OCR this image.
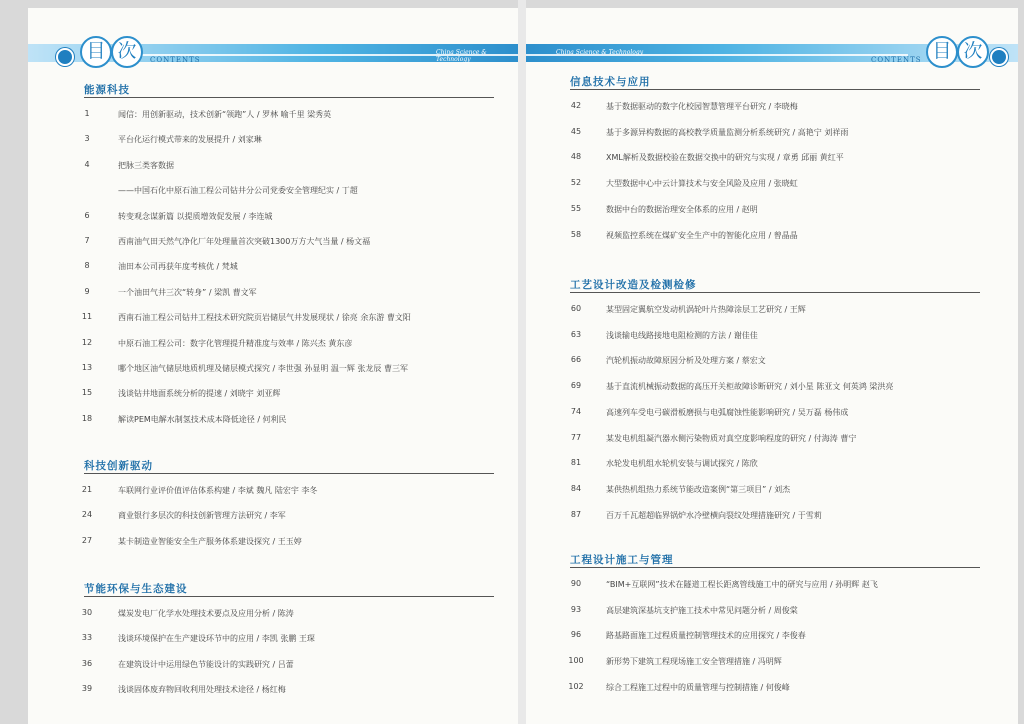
目 次	CONTENTS
China Science & Technology
能源科技
1	闻信：用创新驱动，技术创新“领跑”人 / 罗林 喻千里 梁秀英
3	平台化运行模式带来的发展提升 / 刘家琳
4	把脉三类客数据
——中国石化中原石油工程公司钻井分公司党委安全管理纪实 / 丁超
6	转变观念谋新篇 以提质增效促发展 / 李连城
7	西南油气田天然气净化厂年处理量首次突破1300万方大气当量 / 杨文福
8	油田本公司再获年度考核优 / 梵城
9	一个油田气井三次“转身” / 梁凯 曹文军
11	西南石油工程公司钻井工程技术研究院页岩储层气井发展现状 / 徐亮 余东游 曹文阳
12	中原石油工程公司：数字化管理提升精准度与效率 / 陈兴杰 黄东彦
13	哪个地区油气储层地质机理及储层模式探究 / 李世强 孙显明 温一辉 张龙辰 曹三军
15	浅谈钻井地面系统分析的提速 / 刘晓宇 刘亚辉
18	解读PEM电解水制氢技术成本降低途径 / 何利民
科技创新驱动
21	车联网行业评价值评估体系构建 / 李斌 魏凡 陆宏宇 李冬
24	商业银行多层次的科技创新管理方法研究 / 李军
27	某卡制造业智能安全生产服务体系建设探究 / 王玉婷
节能环保与生态建设
30	煤炭发电厂化学水处理技术要点及应用分析 / 陈涛
33	浅谈环境保护在生产建设环节中的应用 / 李凯 张鹏 王琛
36	在建筑设计中运用绿色节能设计的实践研究 / 吕蕾
39	浅谈固体废弃物回收利用处理技术途径 / 杨红梅
目 次
CONTENTS
China Science & Technology
信息技术与应用
42	基于数据驱动的数字化校园智慧管理平台研究 / 李晓梅
45	基于多源异构数据的高校教学质量监测分析系统研究 / 高艳宁 刘祥雨
48	XML解析及数据校验在数据交换中的研究与实现 / 章勇 邱丽 黄红平
52	大型数据中心中云计算技术与安全风险及应用 / 张晓虹
55	数据中台的数据治理安全体系的应用 / 赵明
58	视频监控系统在煤矿安全生产中的智能化应用 / 曾晶晶
工艺设计改造及检测检修
60	某型固定翼航空发动机涡轮叶片热障涂层工艺研究 / 王辉
63	浅谈输电线路接地电阻检测的方法 / 谢佳佳
66	汽轮机振动故障原因分析及处理方案 / 蔡宏文
69	基于直流机械振动数据的高压开关柜故障诊断研究 / 刘小星 陈亚文 何英鸿 梁洪亮
74	高速列车受电弓碳滑板磨损与电弧腐蚀性能影响研究 / 吴万磊 杨伟成
77	某发电机组凝汽器水侧污染物质对真空度影响程度的研究 / 付海涛 曹宁
81	水轮发电机组水轮机安装与调试探究 / 陈欣
84	某供热机组热力系统节能改造案例“第三项目” / 刘杰
87	百万千瓦超超临界锅炉水冷壁横向裂纹处理措施研究 / 于雪莉
工程设计施工与管理
90	“BIM+互联网”技术在隧道工程长距离管线施工中的研究与应用 / 孙明辉 赵飞
93	高层建筑深基坑支护施工技术中常见问题分析 / 周俊棠
96	路基路面施工过程质量控制管理技术的应用探究 / 李俊春
100	新形势下建筑工程现场施工安全管理措施 / 冯明辉
102	综合工程施工过程中的质量管理与控制措施 / 何俊峰
